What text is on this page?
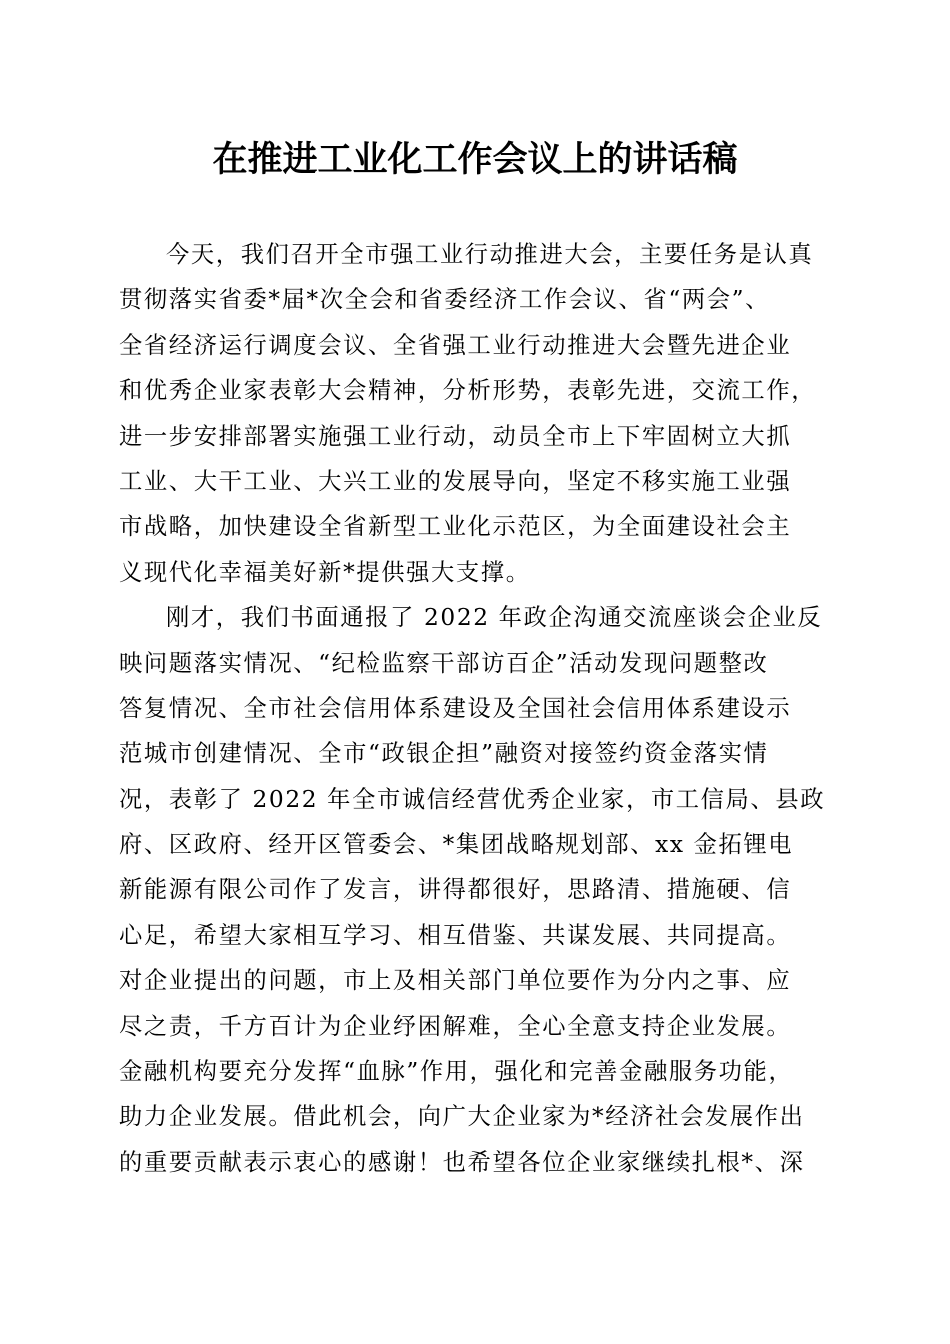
在推进工业化工作会议上的讲话稿
今天，我们召开全市强工业行动推进大会，主要任务是认真
贯彻落实省委*届*次全会和省委经济工作会议、省“两会”、
全省经济运行调度会议、全省强工业行动推进大会暨先进企业
和优秀企业家表彰大会精神，分析形势，表彰先进，交流工作，
进一步安排部署实施强工业行动，动员全市上下牢固树立大抓
工业、大干工业、大兴工业的发展导向，坚定不移实施工业强
市战略，加快建设全省新型工业化示范区，为全面建设社会主
义现代化幸福美好新*提供强大支撑。
刚才，我们书面通报了 2022 年政企沟通交流座谈会企业反
映问题落实情况、“纪检监察干部访百企”活动发现问题整改
答复情况、全市社会信用体系建设及全国社会信用体系建设示
范城市创建情况、全市“政银企担”融资对接签约资金落实情
况，表彰了 2022 年全市诚信经营优秀企业家，市工信局、县政
府、区政府、经开区管委会、*集团战略规划部、xx 金拓锂电
新能源有限公司作了发言，讲得都很好，思路清、措施硬、信
心足，希望大家相互学习、相互借鉴、共谋发展、共同提高。
对企业提出的问题，市上及相关部门单位要作为分内之事、应
尽之责，千方百计为企业纾困解难，全心全意支持企业发展。
金融机构要充分发挥“血脉”作用，强化和完善金融服务功能，
助力企业发展。借此机会，向广大企业家为*经济社会发展作出
的重要贡献表示衷心的感谢！也希望各位企业家继续扎根*、深
